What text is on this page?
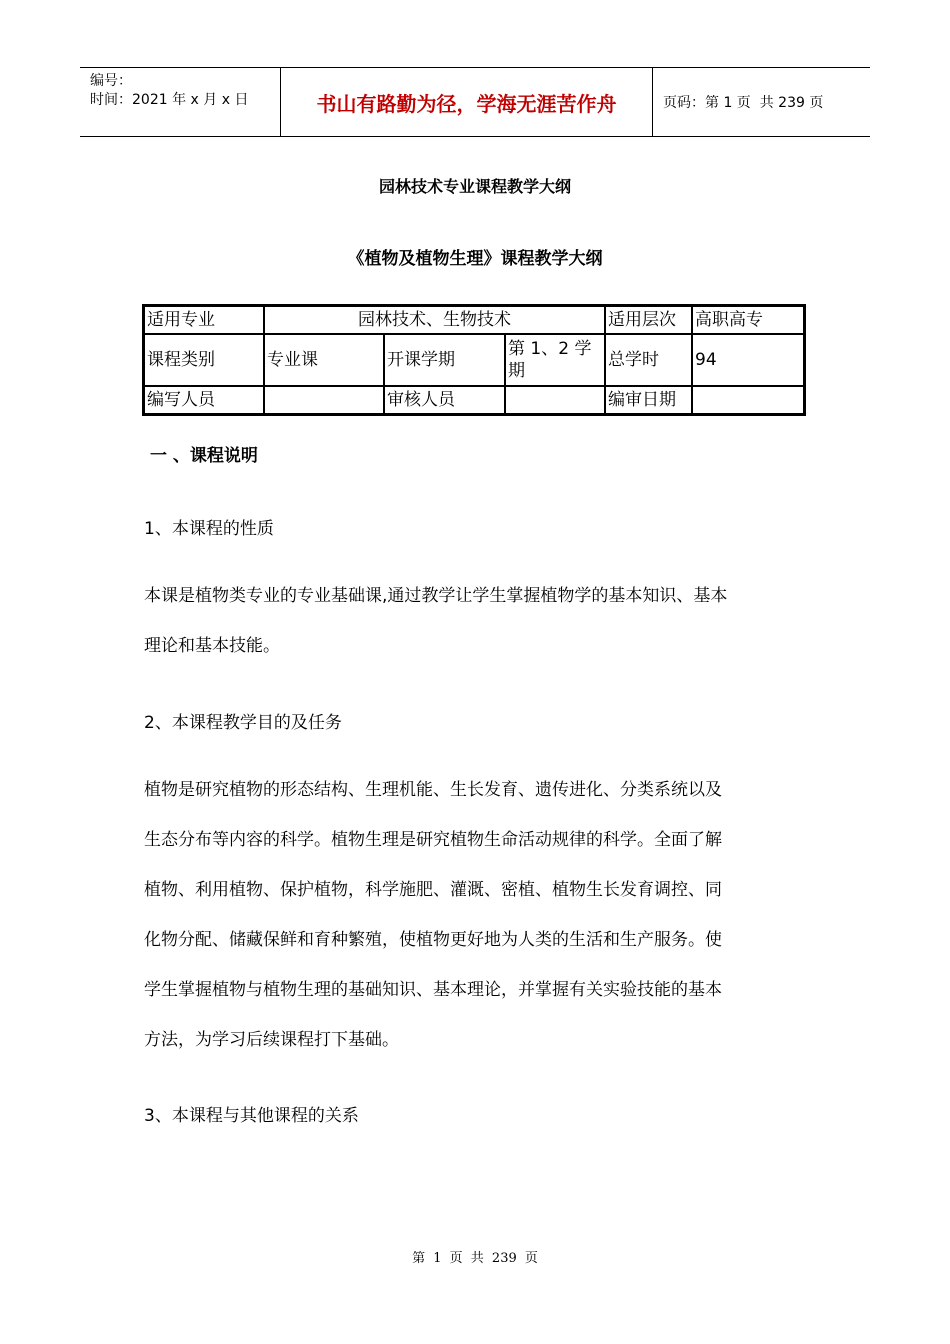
编号：
时间：2021 年 x 月 x 日	书山有路勤为径，学海无涯苦作舟	页码：第 1 页  共 239 页
园林技术专业课程教学大纲
《植物及植物生理》课程教学大纲
适用专业	园林技术、生物技术			适用层次	高职高专
课程类别	专业课	开课学期	第 1、2 学期	总学时	94
编写人员		审核人员		编审日期	
一 、课程说明
1、本课程的性质
本课是植物类专业的专业基础课,通过教学让学生掌握植物学的基本知识、基本
理论和基本技能。
2、本课程教学目的及任务
植物是研究植物的形态结构、生理机能、生长发育、遗传进化、分类系统以及
生态分布等内容的科学。植物生理是研究植物生命活动规律的科学。全面了解
植物、利用植物、保护植物，科学施肥、灌溉、密植、植物生长发育调控、同
化物分配、储藏保鲜和育种繁殖，使植物更好地为人类的生活和生产服务。使
学生掌握植物与植物生理的基础知识、基本理论，并掌握有关实验技能的基本
方法，为学习后续课程打下基础。
3、本课程与其他课程的关系
第 1 页 共 239 页
